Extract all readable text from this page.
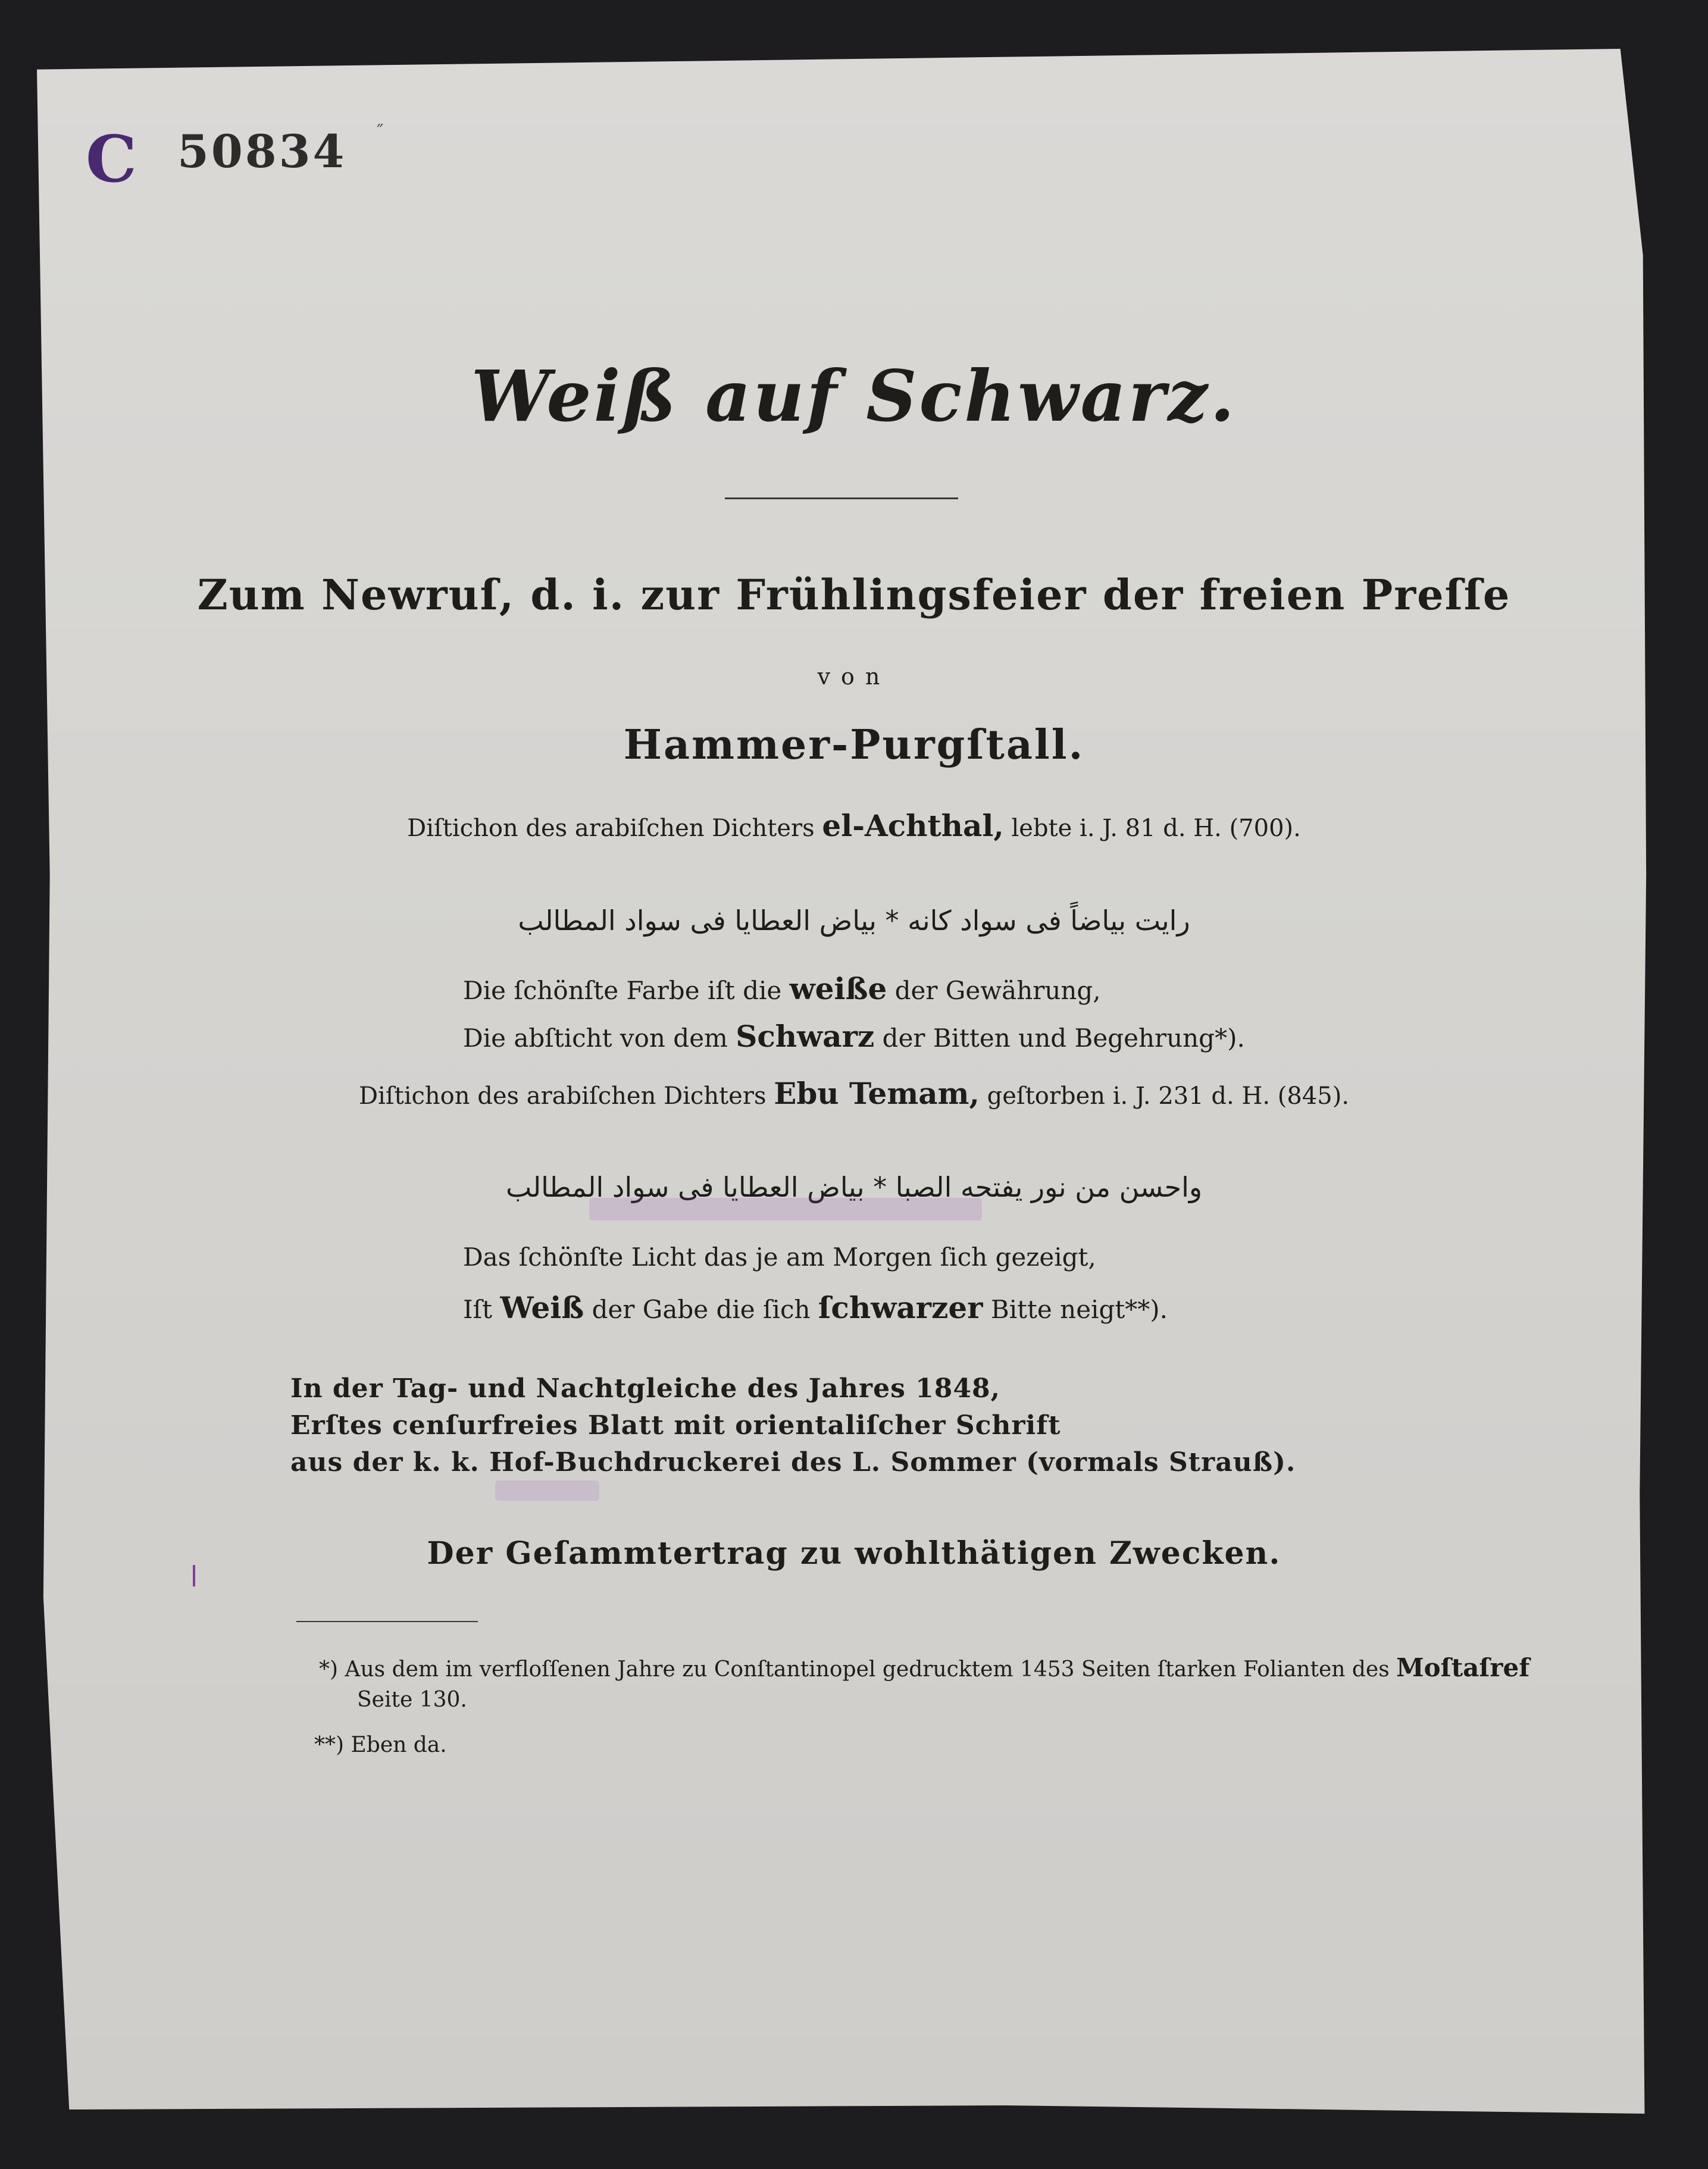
C 50834 ˝
Weiß auf Schwarz.
Zum Newruſ, d. i. zur Frühlingsfeier der freien Preſſe
von
Hammer-Purgſtall.
Diſtichon des arabiſchen Dichters el-Achthal, lebte i. J. 81 d. H. (700).
رايت بياضاً فى سواد كانه * بياض العطايا فى سواد المطالب
Die ſchönſte Farbe iſt die weiße der Gewährung,
Die abſticht von dem Schwarz der Bitten und Begehrung*).
Diſtichon des arabiſchen Dichters Ebu Temam, geſtorben i. J. 231 d. H. (845).
واحسن من نور يفتحه الصبا * بياض العطايا فى سواد المطالب
Das ſchönſte Licht das je am Morgen ſich gezeigt,
Iſt Weiß der Gabe die ſich ſchwarzer Bitte neigt**).
In der Tag- und Nachtgleiche des Jahres 1848,
Erſtes cenſurfreies Blatt mit orientaliſcher Schrift
aus der k. k. Hof-Buchdruckerei des L. Sommer (vormals Strauß).
Der Geſammtertrag zu wohlthätigen Zwecken.
*) Aus dem im verfloſſenen Jahre zu Conſtantinopel gedrucktem 1453 Seiten ſtarken Folianten des Moſtaſref
Seite 130.
**) Eben da.
